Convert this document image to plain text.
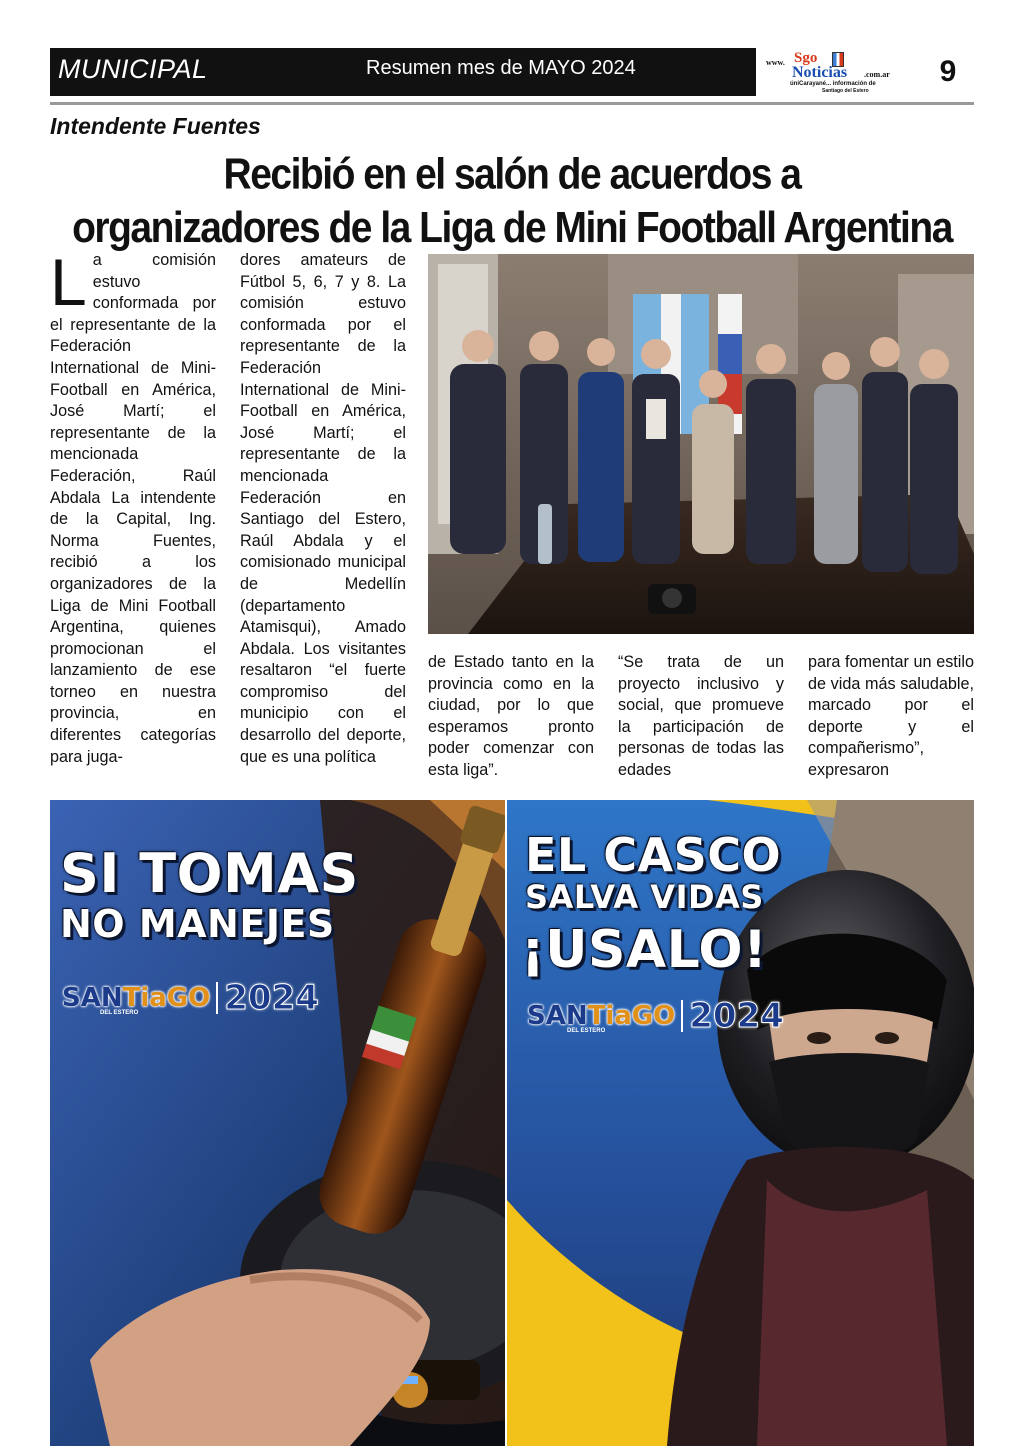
MUNICIPAL	Resumen mes de MAYO 2024	www. Sgo
Noticias .com.ar
úniCarayané... información de
Santiago del Estero
9
Intendente Fuentes
Recibió en el salón de acuerdos a
organizadores de la Liga de Mini Football Argentina
La comisión estuvo conformada por el representante de la Federación International de Mini-Football en América, José Martí; el representante de la mencionada Federación, Raúl Abdala La intendente de la Capital, Ing. Norma Fuentes, recibió a los organizadores de la Liga de Mini Football Argentina, quienes promocionan el lanzamiento de ese torneo en nuestra provincia, en diferentes categorías para juga-
dores amateurs de Fútbol 5, 6, 7 y 8. La comisión estuvo conformada por el representante de la Federación International de Mini-Football en América, José Martí; el representante de la mencionada Federación en Santiago del Estero, Raúl Abdala y el comisionado municipal de Medellín (departamento Atamisqui), Amado Abdala. Los visitantes resaltaron “el fuerte compromiso del municipio con el desarrollo del deporte, que es una política
de Estado tanto en la provincia como en la ciudad, por lo que esperamos pronto poder comenzar con esta liga”.
“Se trata de un proyecto inclusivo y social, que promueve la participación de personas de todas las edades
para fomentar un estilo de vida más saludable, marcado por el deporte y el compañerismo”, expresaron
SI TOMAS
NO MANEJES
SANTiaGO 2024
DEL ESTERO
EL CASCO
SALVA VIDAS
¡USALO!
SANTiaGO 2024
DEL ESTERO
